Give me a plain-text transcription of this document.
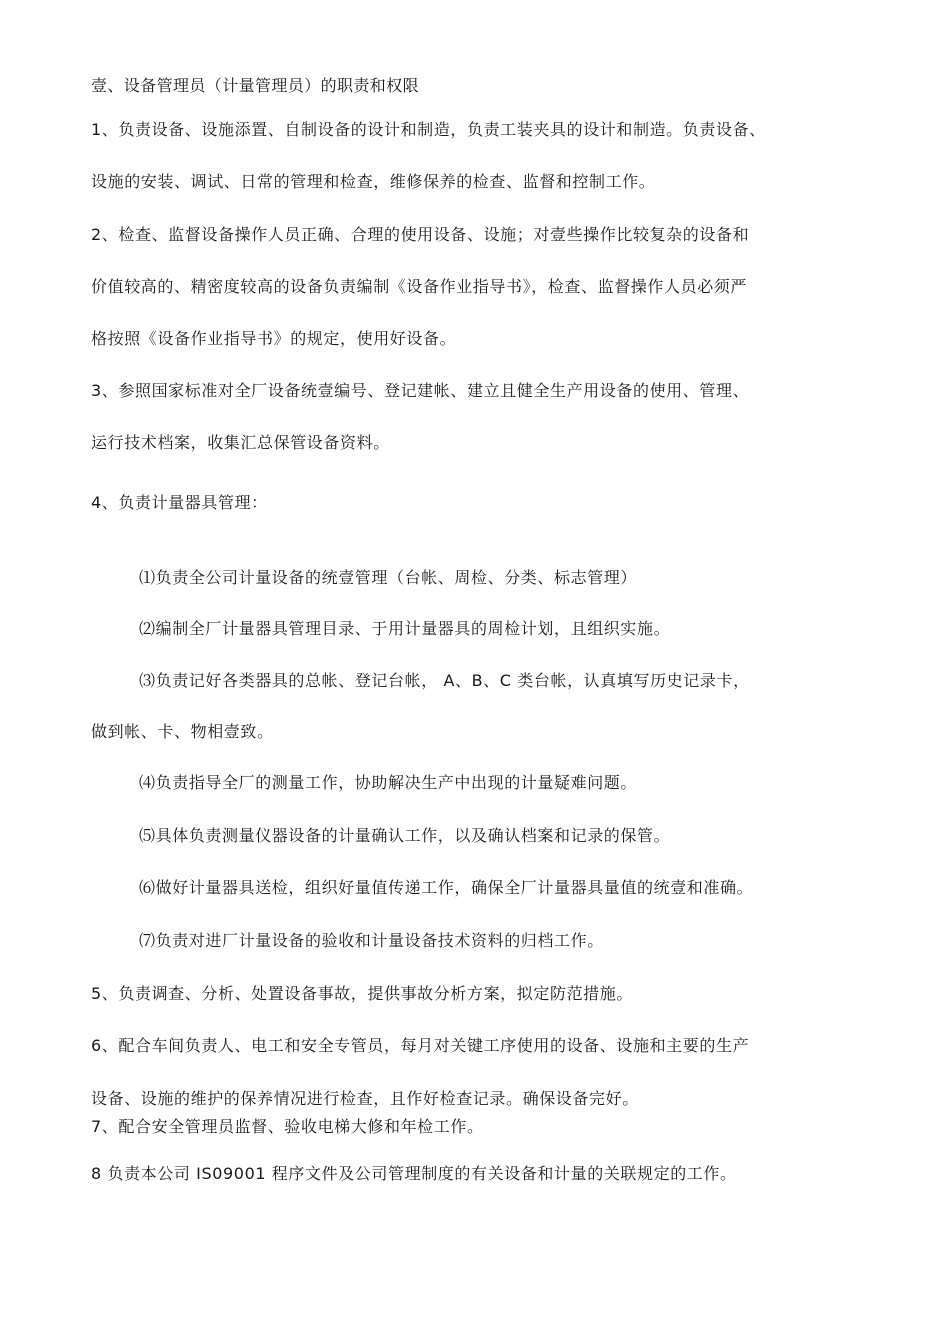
壹、设备管理员（计量管理员）的职责和权限
1、负责设备、设施添置、自制设备的设计和制造，负责工装夹具的设计和制造。负责设备、
设施的安装、调试、日常的管理和检查，维修保养的检查、监督和控制工作。
2、检查、监督设备操作人员正确、合理的使用设备、设施；对壹些操作比较复杂的设备和
价值较高的、精密度较高的设备负责编制《设备作业指导书》，检查、监督操作人员必须严
格按照《设备作业指导书》的规定，使用好设备。
3、参照国家标准对全厂设备统壹编号、登记建帐、建立且健全生产用设备的使用、管理、
运行技术档案，收集汇总保管设备资料。
4、负责计量器具管理：
⑴负责全公司计量设备的统壹管理（台帐、周检、分类、标志管理）
⑵编制全厂计量器具管理目录、于用计量器具的周检计划，且组织实施。
⑶负责记好各类器具的总帐、登记台帐， A、B、C 类台帐，认真填写历史记录卡，
做到帐、卡、物相壹致。
⑷负责指导全厂的测量工作，协助解决生产中出现的计量疑难问题。
⑸具体负责测量仪器设备的计量确认工作，以及确认档案和记录的保管。
⑹做好计量器具送检，组织好量值传递工作，确保全厂计量器具量值的统壹和准确。
⑺负责对进厂计量设备的验收和计量设备技术资料的归档工作。
5、负责调查、分析、处置设备事故，提供事故分析方案，拟定防范措施。
6、配合车间负责人、电工和安全专管员，每月对关键工序使用的设备、设施和主要的生产
设备、设施的维护的保养情况进行检查，且作好检查记录。确保设备完好。
7、配合安全管理员监督、验收电梯大修和年检工作。
8 负责本公司 IS09001 程序文件及公司管理制度的有关设备和计量的关联规定的工作。
